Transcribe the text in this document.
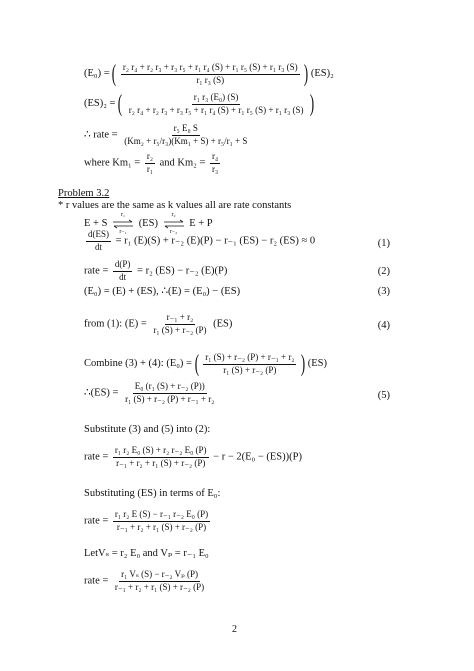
(E₀) = ( $\frac{\text{r₂ r₄ + r₂ r₃ + r₃ r₅ + r₁ r₄ (S) + r₁ r₅ (S) + r₁ r₃ (S)}}{\text{r₁ r₃ (S)}}$ ) (ES)₂
(ES)₂ = ( $\frac{\text{r₁ r₃ (E₀) (S)}}{\text{r₂ r₄ + r₂ r₃ + r₃ r₅ + r₁ r₄ (S) + r₁ r₅ (S) + r₁ r₃ (S)}}$ )
∴ rate = $\frac{\text{r₅ E₀ S}}{\text{(Km₂ + r₅/r₃)(Km₁ + S) + r₅/r₁ + S}}$
where $Km_1 = \frac{\text{r₂}}{\text{r₁}}$ and $Km_2 = \frac{\text{r₄}}{\text{r₃}}$
Problem 3.2
* r values are the same as k values all are rate constants
E + S
r₁
r₋₁
(ES)
r₂
r₋₂
E + P
$\frac{d(ES)}{dt} = r_1$ (E)(S) + r₋₂ (E)(P) − r₋₁ (ES) − r₂ (ES) ≈ 0	(1)
rate = $\frac{d(P)}{dt} = r_2$ (ES) − r₋₂ (E)(P)	(2)
(E₀) = (E) + (ES), ∴(E) = (E₀) − (ES)	(3)
from (1): $(E) = \frac{\text{r₋₁ + r₂}}{\text{r₁ (S) + r₋₂ (P)}} (ES)$	(4)
Combine (3) + (4): (E₀) = ( $\frac{\text{r₁ (S) + r₋₂ (P) + r₋₁ + r₂}}{\text{r₁ (S) + r₋₂ (P)}}$ ) (ES)
∴(ES) = $\frac{\text{E₀ (r₁ (S) + r₋₂ (P))}}{\text{r₁ (S) + r₋₂ (P) + r₋₁ + r₂}}$	(5)
Substitute (3) and (5) into (2):
rate = $\frac{\text{r₁ r₂ E₀ (S) + r₂ r₋₂ E₀ (P)}}{\text{r₋₁ + r₂ + r₁ (S) + r₋₂ (P)}} - r - 2(E_0 - (ES))(P)$
Substituting (ES) in terms of E₀:
rate = $\frac{\text{r₁ r₂ E (S) − r₋₁ r₋₂ E₀ (P)}}{\text{r₋₁ + r₂ + r₁ (S) + r₋₂ (P)}}$
LetVₛ = r₂ E₀ and Vₚ = r₋₁ E₀
rate = $\frac{\text{r₁ Vₛ (S) − r₋₂ Vₚ (P)}}{\text{r₋₁ + r₂ + r₁ (S) + r₋₂ (P)}}$
2
